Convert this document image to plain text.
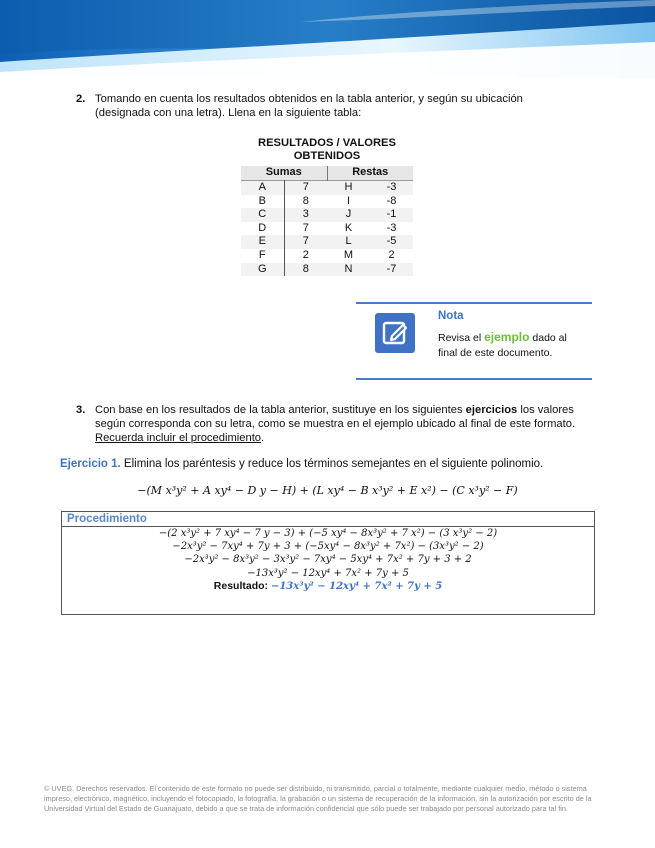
2. Tomando en cuenta los resultados obtenidos en la tabla anterior, y según su ubicación (designada con una letra). Llena en la siguiente tabla:
RESULTADOS / VALORES OBTENIDOS
Sumas		Restas	
A	7	H	-3
B	8	I	-8
C	3	J	-1
D	7	K	-3
E	7	L	-5
F	2	M	2
G	8	N	-7
Nota
Revisa el ejemplo dado al final de este documento.
3. Con base en los resultados de la tabla anterior, sustituye en los siguientes ejercicios los valores según corresponda con su letra, como se muestra en el ejemplo ubicado al final de este formato. Recuerda incluir el procedimiento.
Ejercicio 1. Elimina los paréntesis y reduce los términos semejantes en el siguiente polinomio.
−(M x³y² + A xy⁴ − D y − H) + (L xy⁴ − B x³y² + E x²) − (C x³y² − F)
Procedimiento
−(2 x³y² + 7 xy⁴ − 7 y − 3) + (−5 xy⁴ − 8x³y² + 7 x²) − (3 x³y² − 2)
−2x³y² − 7xy⁴ + 7y + 3 + (−5xy⁴ − 8x³y² + 7x²) − (3x³y² − 2)
−2x³y² − 8x³y² − 3x³y² − 7xy⁴ − 5xy⁴ + 7x² + 7y + 3 + 2
−13x³y² − 12xy⁴ + 7x² + 7y + 5
Resultado: −13x³y² − 12xy⁴ + 7x² + 7y + 5
© UVEG. Derechos reservados. El contenido de este formato no puede ser distribuido, ni transmitido, parcial o totalmente, mediante cualquier medio, método o sistema impreso, electrónico, magnético, incluyendo el fotocopiado, la fotografía, la grabación o un sistema de recuperación de la información, sin la autorización por escrito de la Universidad Virtual del Estado de Guanajuato, debido a que se trata de información confidencial que sólo puede ser trabajado por personal autorizado para tal fin.
